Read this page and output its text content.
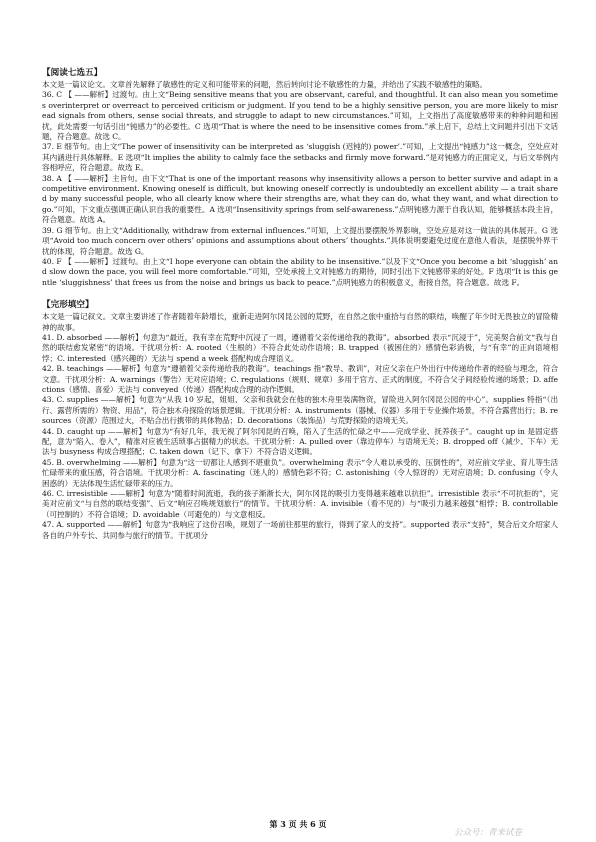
【阅读七选五】

本文是一篇议论文。文章首先解释了敏感性的定义和可能带来的问题，然后转向讨论不敏感性的力量，并给出了实践不敏感性的策略。

36. C 【 ——解析】过渡句。由上文“Being sensitive means that you are observant, careful, and thoughtful. It can also mean you sometimes overinterpret or overreact to perceived criticism or judgment. If you tend to be a highly sensitive person, you are more likely to misread signals from others, sense social threats, and struggle to adapt to new circumstances.”可知，上文指出了高度敏感带来的种种问题和困扰，此处需要一句话引出“钝感力”的必要性。C 选项“That is where the need to be insensitive comes from.”承上启下，总结上文问题并引出下文话题，符合题意。故选 C。

37. E 细节句。由上文“The power of insensitivity can be interpreted as ‘sluggish (迟钝的) power’.”可知，上文提出“钝感力”这一概念，空处应对其内涵进行具体解释。E 选项“It implies the ability to calmly face the setbacks and firmly move forward.”是对钝感力的正面定义，与后文举例内容相呼应，符合题意。故选 E。

38. A 【 ——解析】主旨句。由下文“That is one of the important reasons why insensitivity allows a person to better survive and adapt in a competitive environment. Knowing oneself is difficult, but knowing oneself correctly is undoubtedly an excellent ability — a trait shared by many successful people, who all clearly know where their strengths are, what they can do, what they want, and what direction to go.”可知，下文重点强调正确认识自我的重要性。A 选项“Insensitivity springs from self-awareness.”点明钝感力源于自我认知，能够概括本段主旨，符合题意。故选 A。

39. G 细节句。由上文“Additionally, withdraw from external influences.”可知，上文提出要摆脱外界影响，空处应是对这一做法的具体展开。G 选项“Avoid too much concern over others’ opinions and assumptions about others’ thoughts.”具体说明要避免过度在意他人看法，是摆脱外界干扰的体现，符合题意。故选 G。

40. F 【 ——解析】过渡句。由上文“I hope everyone can obtain the ability to be insensitive.”以及下文“Once you become a bit ‘sluggish’ and slow down the pace, you will feel more comfortable.”可知，空处承接上文对钝感力的期待，同时引出下文钝感带来的好处。F 选项“It is this gentle ‘sluggishness’ that frees us from the noise and brings us back to peace.”点明钝感力的积极意义，衔接自然，符合题意。故选 F。

【完形填空】

本文是一篇记叙文。文章主要讲述了作者随着年龄增长，重新走进阿尔冈昆公园的荒野，在自然之旅中重拾与自然的联结，唤醒了年少时无畏独立的冒险精神的故事。

41. D. absorbed ——解析】句意为“最近，我有幸在荒野中沉浸了一周，遵循着父亲传递给我的教诲”。absorbed 表示“沉浸于”，完美契合前文“我与自然的联结愈发紧密”的语境。干扰项分析：A. rooted（生根的）不符合此处动作语境；B. trapped（被困住的）感情色彩消极，与“有幸”的正向语境相悖；C. interested（感兴趣的）无法与 spend a week 搭配构成合理语义。

42. B. teachings ——解析】句意为“遵循着父亲传递给我的教诲”。teachings 指“教导、教训”，对应父亲在户外出行中传递给作者的经验与理念，符合文意。干扰项分析：A. warnings（警告）无对应语境；C. regulations（规则、规章）多用于官方、正式的制度，不符合父子间经验传递的场景；D. affections（感情、喜爱）无法与 conveyed（传递）搭配构成合理的动作逻辑。

43. C. supplies ——解析】句意为“从我 10 岁起，姐姐、父亲和我就会在他的独木舟里装满物资，冒险进入阿尔冈昆公园的中心”。supplies 特指“（出行、露营所需的）物资、用品”，符合独木舟探险的场景逻辑。干扰项分析：A. instruments（器械、仪器）多用于专业操作场景，不符合露营出行；B. resources（资源）范围过大，不贴合出行携带的具体物品；D. decorations（装饰品）与荒野探险的语境无关。

44. D. caught up ——解析】句意为“有好几年，我无视了阿尔冈昆的召唤，陷入了生活的忙碌之中——完成学业、抚养孩子”。caught up in 是固定搭配，意为“陷入、卷入”，精准对应被生活琐事占据精力的状态。干扰项分析：A. pulled over（靠边停车）与语境无关；B. dropped off（减少、下车）无法与 busyness 构成合理搭配；C. taken down（记下、拿下）不符合语义逻辑。

45. B. overwhelming ——解析】句意为“这一切都让人感到不堪重负”。overwhelming 表示“令人难以承受的、压倒性的”，对应前文学业、育儿等生活忙碌带来的重压感，符合语境。干扰项分析：A. fascinating（迷人的）感情色彩不符；C. astonishing（令人惊讶的）无对应语境；D. confusing（令人困惑的）无法体现生活忙碌带来的压力。

46. C. irresistible ——解析】句意为“随着时间流逝，我的孩子渐渐长大，阿尔冈昆的吸引力变得越来越难以抗拒”。irresistible 表示“不可抗拒的”，完美对应前文“与自然的联结变强”、后文“响应召唤规划旅行”的情节。干扰项分析：A. invisible（看不见的）与“吸引力越来越强”相悖；B. controllable（可控制的）不符合语境；D. avoidable（可避免的）与文意相反。

47. A. supported ——解析】句意为“我响应了这份召唤，规划了一场前往那里的旅行，得到了家人的支持”。supported 表示“支持”，契合后文介绍家人各自的户外专长、共同参与旅行的情节。干扰项分

第 3 页 共 6 页
公众号：青来试卷
